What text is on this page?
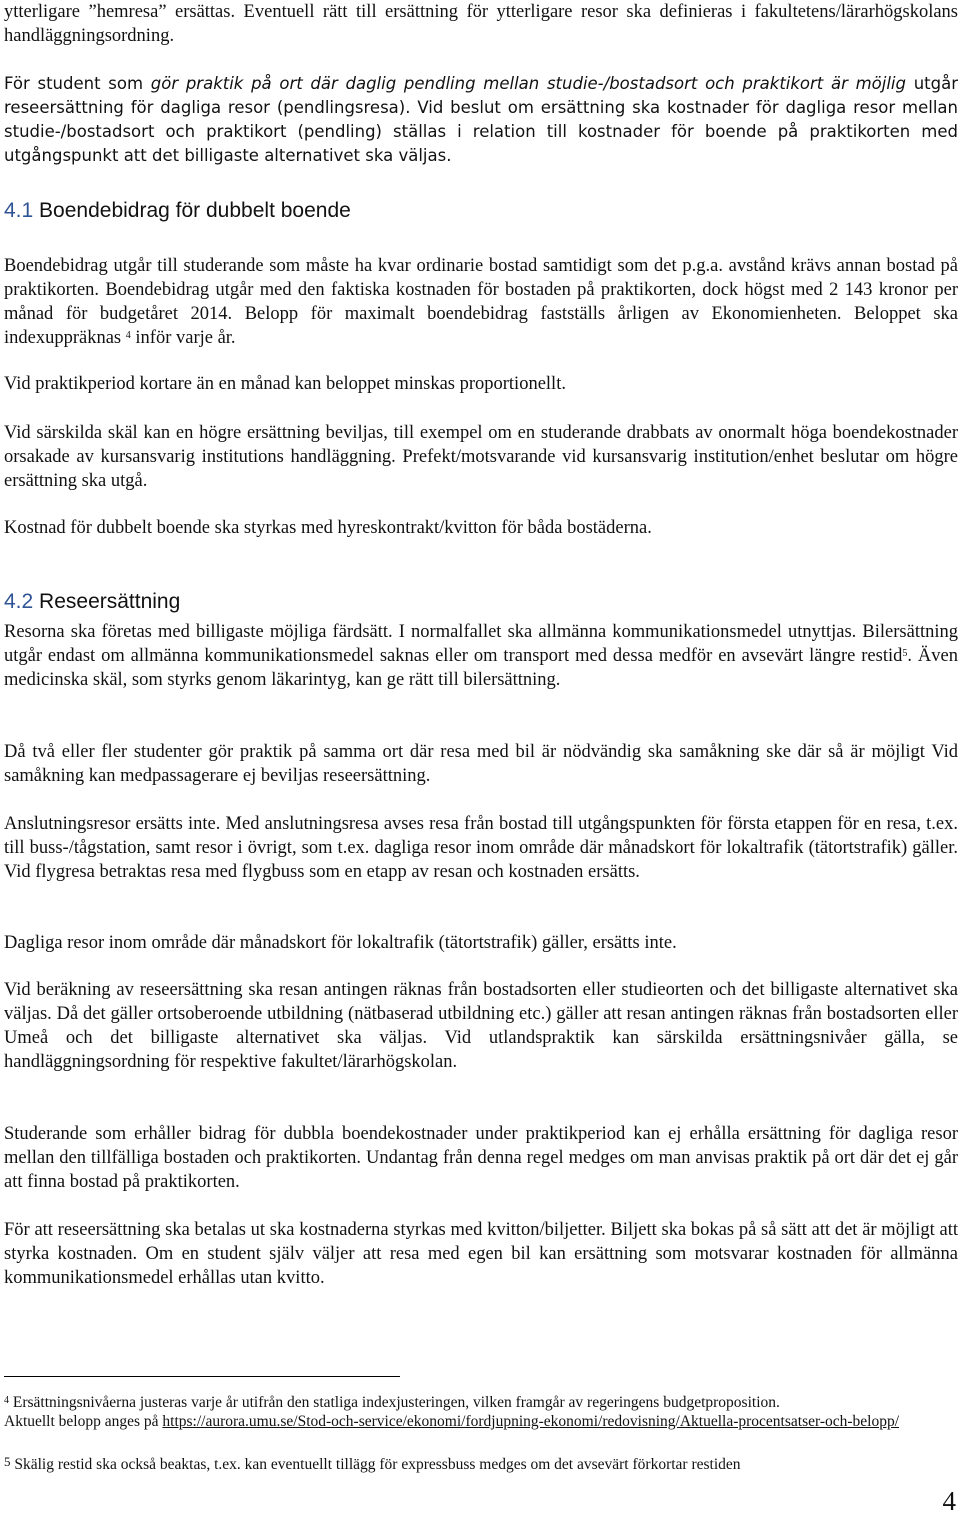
ytterligare ”hemresa” ersättas. Eventuell rätt till ersättning för ytterligare resor ska definieras i fakultetens/lärarhögskolans handläggningsordning.

För student som gör praktik på ort där daglig pendling mellan studie-/bostadsort och praktikort är möjlig utgår reseersättning för dagliga resor (pendlingsresa). Vid beslut om ersättning ska kostnader för dagliga resor mellan studie-/bostadsort och praktikort (pendling) ställas i relation till kostnader för boende på praktikorten med utgångspunkt att det billigaste alternativet ska väljas.

4.1 Boendebidrag för dubbelt boende

Boendebidrag utgår till studerande som måste ha kvar ordinarie bostad samtidigt som det p.g.a. avstånd krävs annan bostad på praktikorten. Boendebidrag utgår med den faktiska kostnaden för bostaden på praktikorten, dock högst med 2 143 kronor per månad för budgetåret 2014. Belopp för maximalt boendebidrag fastställs årligen av Ekonomienheten. Beloppet ska indexuppräknas $^4$ inför varje år.

Vid praktikperiod kortare än en månad kan beloppet minskas proportionellt.

Vid särskilda skäl kan en högre ersättning beviljas, till exempel om en studerande drabbats av onormalt höga boendekostnader orsakade av kursansvarig institutions handläggning. Prefekt/motsvarande vid kursansvarig institution/enhet beslutar om högre ersättning ska utgå.

Kostnad för dubbelt boende ska styrkas med hyreskontrakt/kvitton för båda bostäderna.

4.2 Reseersättning

Resorna ska företas med billigaste möjliga färdsätt. I normalfallet ska allmänna kommunikationsmedel utnyttjas. Bilersättning utgår endast om allmänna kommunikationsmedel saknas eller om transport med dessa medför en avsevärt längre restid$^5$. Även medicinska skäl, som styrks genom läkarintyg, kan ge rätt till bilersättning.

Då två eller fler studenter gör praktik på samma ort där resa med bil är nödvändig ska samåkning ske där så är möjligt Vid samåkning kan medpassagerare ej beviljas reseersättning.

Anslutningsresor ersätts inte. Med anslutningsresa avses resa från bostad till utgångspunkten för första etappen för en resa, t.ex. till buss-/tågstation, samt resor i övrigt, som t.ex. dagliga resor inom område där månadskort för lokaltrafik (tätortstrafik) gäller. Vid flygresa betraktas resa med flygbuss som en etapp av resan och kostnaden ersätts.

Dagliga resor inom område där månadskort för lokaltrafik (tätortstrafik) gäller, ersätts inte.

Vid beräkning av reseersättning ska resan antingen räknas från bostadsorten eller studieorten och det billigaste alternativet ska väljas. Då det gäller ortsoberoende utbildning (nätbaserad utbildning etc.) gäller att resan antingen räknas från bostadsorten eller Umeå och det billigaste alternativet ska väljas. Vid utlandspraktik kan särskilda ersättningsnivåer gälla, se handläggningsordning för respektive fakultet/lärarhögskolan.

Studerande som erhåller bidrag för dubbla boendekostnader under praktikperiod kan ej erhålla ersättning för dagliga resor mellan den tillfälliga bostaden och praktikorten. Undantag från denna regel medges om man anvisas praktik på ort där det ej går att finna bostad på praktikorten.

För att reseersättning ska betalas ut ska kostnaderna styrkas med kvitton/biljetter. Biljett ska bokas på så sätt att det är möjligt att styrka kostnaden. Om en student själv väljer att resa med egen bil kan ersättning som motsvarar kostnaden för allmänna kommunikationsmedel erhållas utan kvitto.

$^4$ Ersättningsnivåerna justeras varje år utifrån den statliga indexjusteringen, vilken framgår av regeringens budgetproposition.
Aktuellt belopp anges på https://aurora.umu.se/Stod-och-service/ekonomi/fordjupning-ekonomi/redovisning/Aktuella-procentsatser-och-belopp/
5 Skälig restid ska också beaktas, t.ex. kan eventuellt tillägg för expressbuss medges om det avsevärt förkortar restiden
4
